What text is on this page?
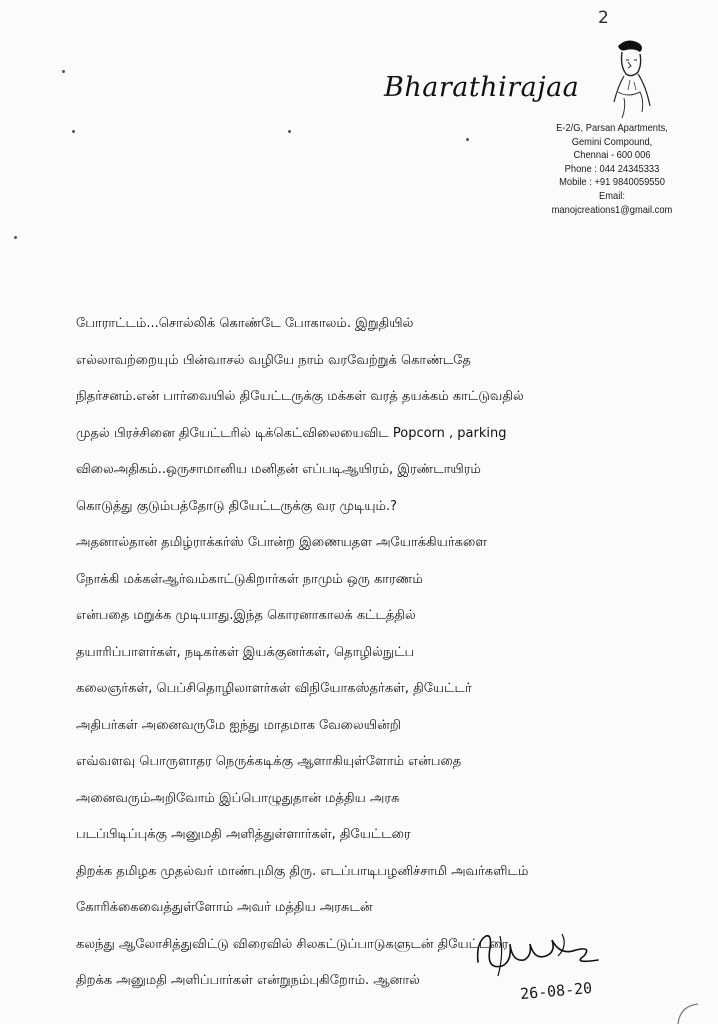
2
Bharathirajaa
E-2/G, Parsan Apartments,
Gemini Compound,
Chennai - 600 006
Phone : 044 24345333
Mobile : +91 9840059550
Email:
manojcreations1@gmail.com
போராட்டம்...சொல்லிக் கொண்டே போகாலம். இறுதியில்
எல்லாவற்றையும் பின்வாசல் வழியே நாம் வரவேற்றுக் கொண்டதே
நிதர்சனம்.என் பார்வையில் தியேட்டருக்கு மக்கள் வரத் தயக்கம் காட்டுவதில்
முதல் பிரச்சினை தியேட்டரில் டிக்கெட்விலையைவிட Popcorn , parking
விலைஅதிகம்..ஒருசாமானிய மனிதன் எப்படிஆயிரம், இரண்டாயிரம்
கொடுத்து குடும்பத்தோடு தியேட்டருக்கு வர முடியும்.?
அதனால்தான் தமிழ்ராக்கர்ஸ் போன்ற இணையதள அயோக்கியர்களை
நோக்கி மக்கள்ஆர்வம்காட்டுகிறார்கள் நாமும் ஒரு காரணம்
என்பதை மறுக்க முடியாது.இந்த கொரனாகாலக் கட்டத்தில்
தயாரிப்பாளர்கள், நடிகர்கள் இயக்குனர்கள், தொழில்நுட்ப
கலைஞர்கள், பெப்சிதொழிலாளர்கள் விநியோகஸ்தர்கள், தியேட்டர்
அதிபர்கள் அனைவருமே ஐந்து மாதமாக வேலையின்றி
எவ்வளவு பொருளாதர நெருக்கடிக்கு ஆளாகியுள்ளோம் என்பதை
அனைவரும்அறிவோம் இப்பொழுதுதான் மத்திய அரசு
படப்பிடிப்புக்கு அனுமதி அளித்துள்ளார்கள், தியேட்டரை
திறக்க தமிழக முதல்வர் மாண்புமிகு திரு. எடப்பாடிபழனிச்சாமி அவர்களிடம்
கோரிக்கைவைத்துள்ளோம் அவர் மத்திய அரசுடன்
கலந்து ஆலோசித்துவிட்டு விரைவில் சிலகட்டுப்பாடுகளுடன் தியேட்டரை
திறக்க அனுமதி அளிப்பார்கள் என்றுநம்புகிறோம். ஆனால்	26-08-20
